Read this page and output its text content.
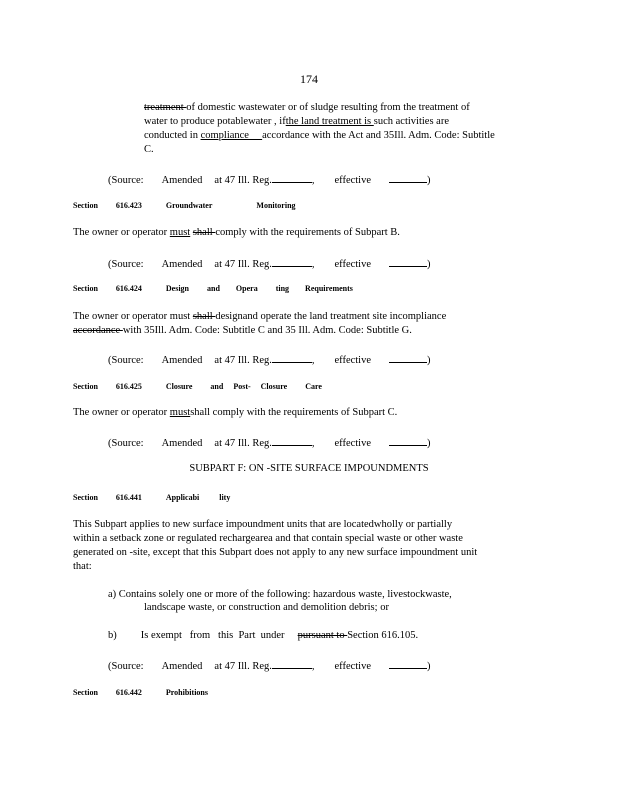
174
treatment of domestic wastewater or of sludge resulting from the treatment of
water to produce potablewater , ifthe land treatment is such activities are
conducted in compliance accordance with the Act and 35Ill. Adm. Code: Subtitle
C.
(Source: Amended at 47 Ill. Reg.	, effective	)
Section 616.423	Groundwater	Monitoring
The owner or operator must shall comply with the requirements of Subpart B.
(Source: Amended at 47 Ill. Reg.	, effective	)
Section 616.424	Design and Opera ting Requirements
The owner or operator must shall designand operate the land treatment site incompliance
accordance with 35Ill. Adm. Code: Subtitle C and 35 Ill. Adm. Code: Subtitle G.
(Source: Amended at 47 Ill. Reg.	, effective	)
Section 616.425	Closure and Post- Closure Care
The owner or operator mustshall comply with the requirements of Subpart C.
(Source: Amended at 47 Ill. Reg.	, effective	)
SUBPART F: ON -SITE SURFACE IMPOUNDMENTS
Section 616.441	Applicabi	lity
This Subpart applies to new surface impoundment units that are locatedwholly or partially
within a setback zone or regulated rechargearea and that contain special waste or other waste
generated on -site, except that this Subpart does not apply to any new surface impoundment unit
that:
a) Contains solely one or more of the following: hazardous waste, livestockwaste,
landscape waste, or construction and demolition debris; or
b) Is exempt   from   this  Part  under     pursuant to Section 616.105.
(Source: Amended at 47 Ill. Reg.	, effective	)
Section 616.442	Prohibitions
